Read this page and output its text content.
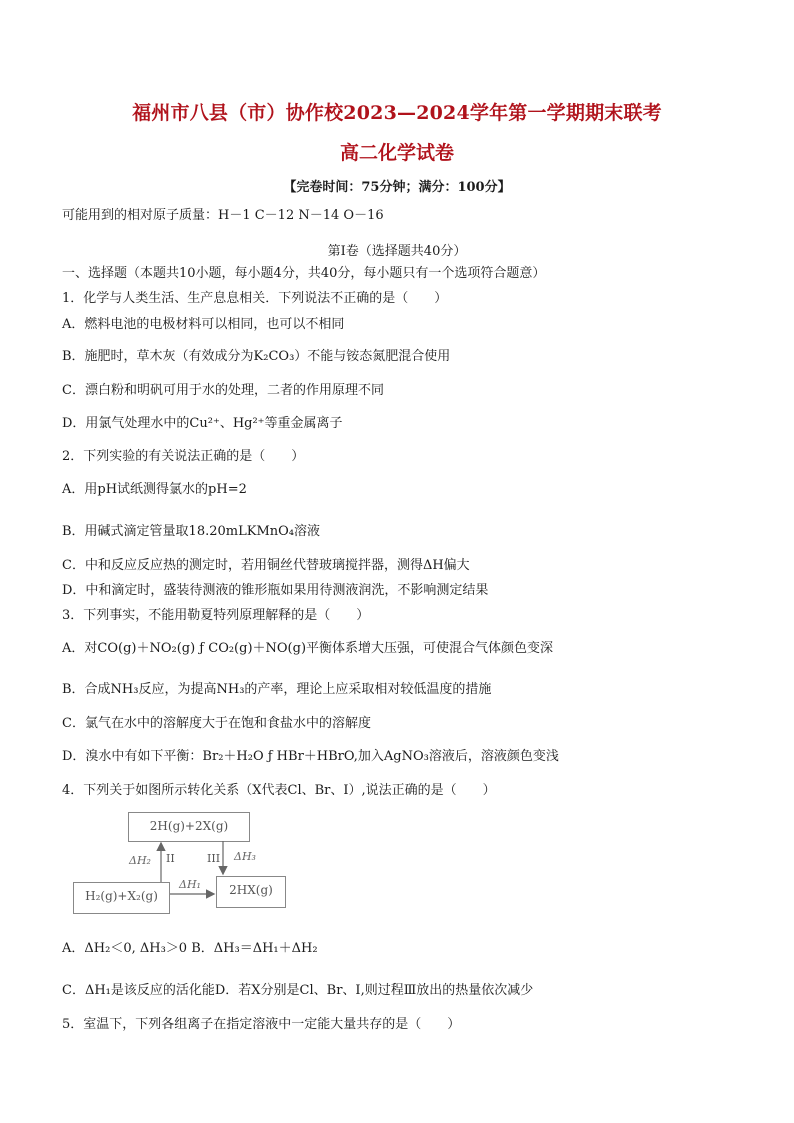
福州市八县（市）协作校2023—2024学年第一学期期末联考
高二化学试卷
【完卷时间：75分钟；满分：100分】
可能用到的相对原子质量：H－1 C－12 N－14 O－16
第Ⅰ卷（选择题共40分）
一、选择题（本题共10小题，每小题4分，共40分，每小题只有一个选项符合题意）
1．化学与人类生活、生产息息相关．下列说法不正确的是（　　）
A．燃料电池的电极材料可以相同，也可以不相同
B．施肥时，草木灰（有效成分为K₂CO₃）不能与铵态氮肥混合使用
C．漂白粉和明矾可用于水的处理，二者的作用原理不同
D．用氯气处理水中的Cu²⁺、Hg²⁺等重金属离子
2．下列实验的有关说法正确的是（　　）
A．用pH试纸测得氯水的pH=2
B．用碱式滴定管量取18.20mLKMnO₄溶液
C．中和反应反应热的测定时，若用铜丝代替玻璃搅拌器，测得ΔH偏大
D．中和滴定时，盛装待测液的锥形瓶如果用待测液润洗，不影响测定结果
3．下列事实，不能用勒夏特列原理解释的是（　　）
A．对CO(g)＋NO₂(g) ƒ CO₂(g)＋NO(g)平衡体系增大压强，可使混合气体颜色变深
B．合成NH₃反应，为提高NH₃的产率，理论上应采取相对较低温度的措施
C．氯气在水中的溶解度大于在饱和食盐水中的溶解度
D．溴水中有如下平衡：Br₂＋H₂O ƒ HBr＋HBrO,加入AgNO₃溶液后，溶液颜色变浅
4．下列关于如图所示转化关系（X代表Cl、Br、I）,说法正确的是（　　）
2H(g)+2X(g)
H₂(g)+X₂(g)	2HX(g)
ΔH₂ II	III ΔH₃
ΔH₁
A．ΔH₂＜0, ΔH₃＞0 B．ΔH₃＝ΔH₁＋ΔH₂
C．ΔH₁是该反应的活化能D．若X分别是Cl、Br、I,则过程Ⅲ放出的热量依次减少
5．室温下，下列各组离子在指定溶液中一定能大量共存的是（　　）
